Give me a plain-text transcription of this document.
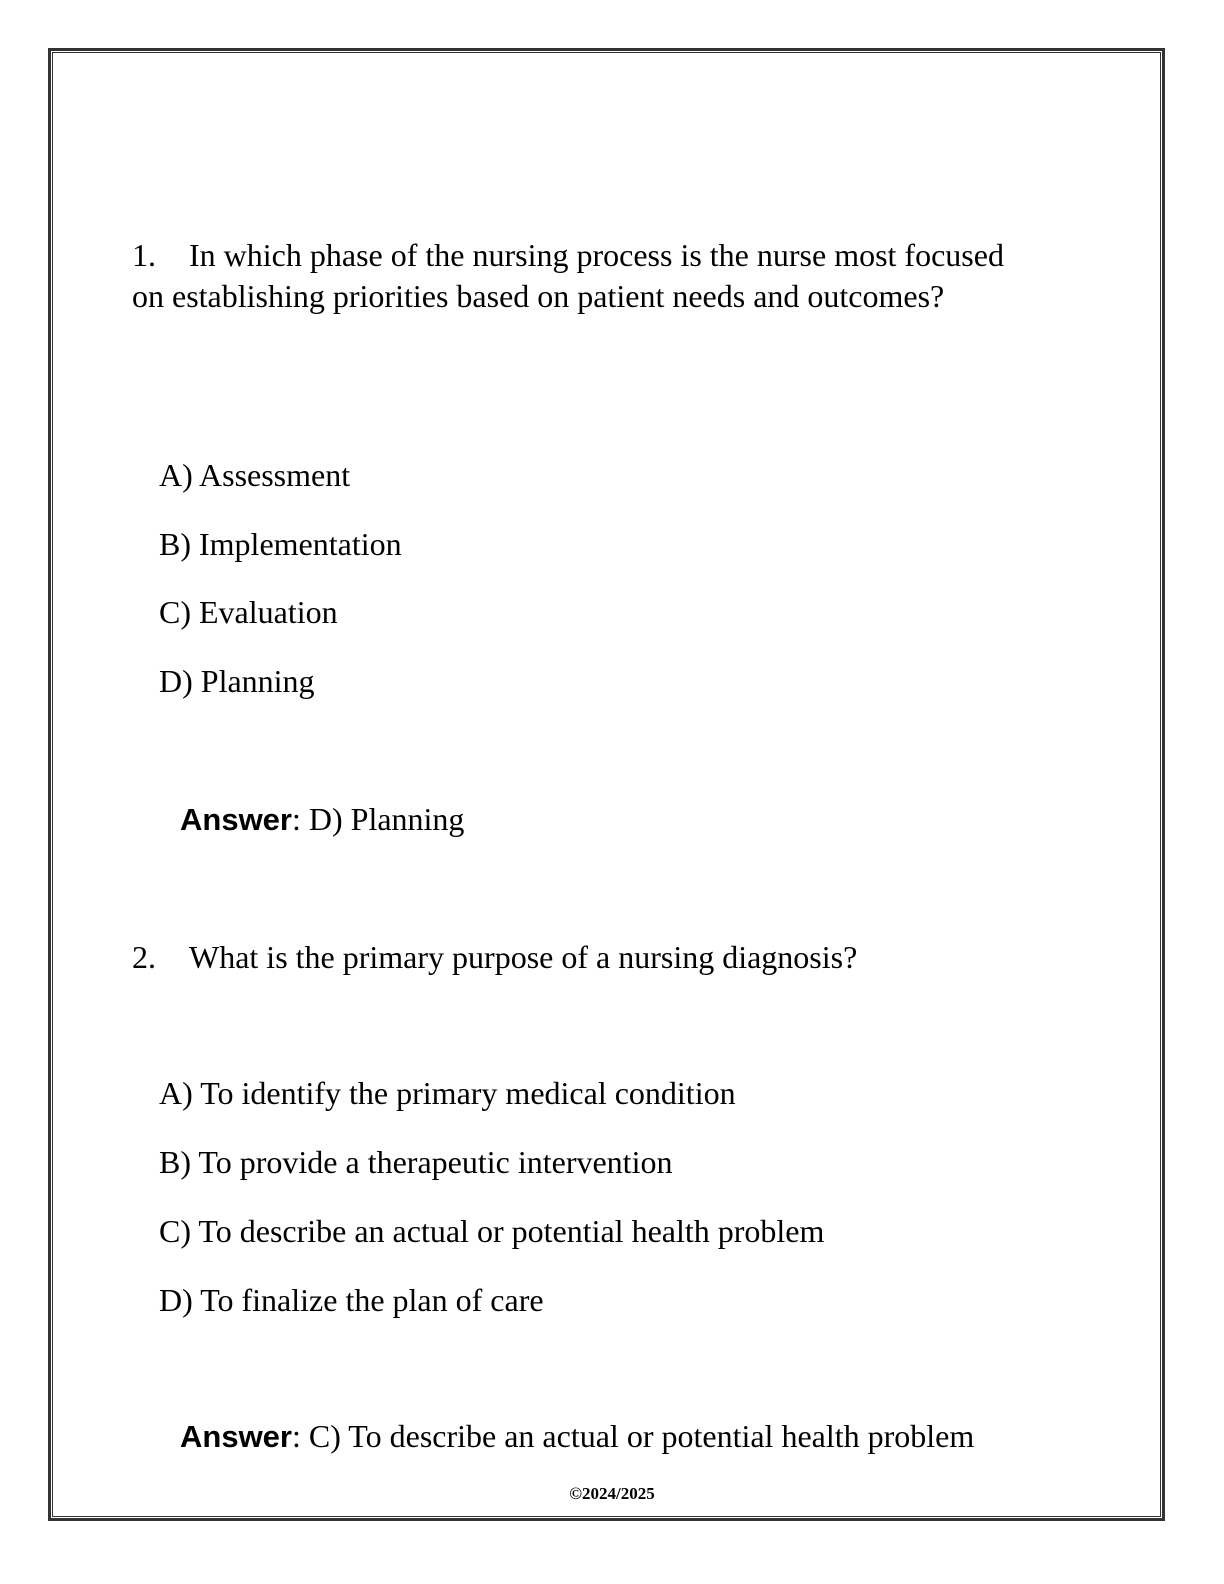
1. In which phase of the nursing process is the nurse most focused on establishing priorities based on patient needs and outcomes?
A) Assessment
B) Implementation
C) Evaluation
D) Planning
Answer: D) Planning
2. What is the primary purpose of a nursing diagnosis?
A) To identify the primary medical condition
B) To provide a therapeutic intervention
C) To describe an actual or potential health problem
D) To finalize the plan of care
Answer: C) To describe an actual or potential health problem
©2024/2025
